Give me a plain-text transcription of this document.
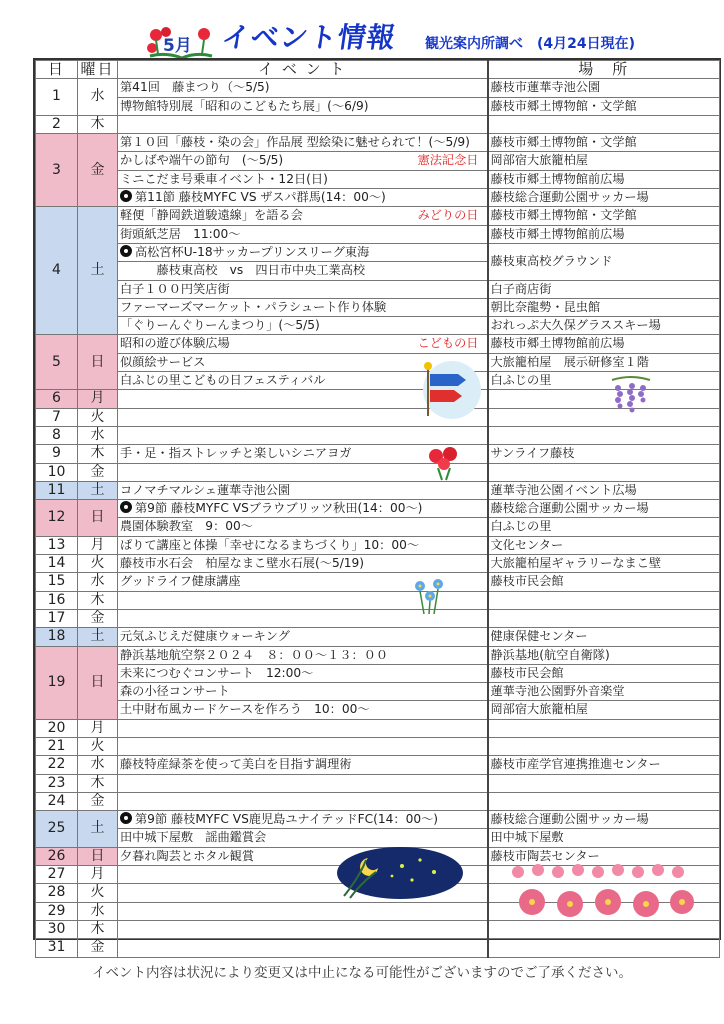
5月 イベント情報 観光案内所調べ　(4月24日現在)
日	曜日	イ ベ ン ト	場　所
1	水	第41回　藤まつり（～5/5)	藤枝市蓮華寺池公園
		博物館特別展「昭和のこどもたち展」(～6/9)	藤枝市郷土博物館・文学館
2	木		
3	金	第１０回「藤枝・染の会」作品展 型絵染に魅せられて！(～5/9)	藤枝市郷土博物館・文学館
		かしばや端午の節句　(～5/5) 憲法記念日	岡部宿大旅籠柏屋
		ミニこだま号乗車イベント・12日(日)	藤枝市郷土博物館前広場
		第11節 藤枝MYFC VS ザスパ群馬(14：00～)	藤枝総合運動公園サッカー場
4	土	軽便「静岡鉄道駿遠線」を語る会 みどりの日	藤枝市郷土博物館・文学館
		街頭紙芝居　11:00～	藤枝市郷土博物館前広場
		高松宮杯U-18サッカープリンスリーグ東海	藤枝東高校グラウンド
		　　　藤枝東高校　vs　四日市中央工業高校	
		白子１００円笑店街	白子商店街
		ファーマーズマーケット・パラシュート作り体験	朝比奈龍勢・昆虫館
		「ぐりーんぐりーんまつり」(～5/5)	おれっぷ大久保グラススキー場
5	日	昭和の遊び体験広場 こどもの日	藤枝市郷土博物館前広場
		似顔絵サービス	大旅籠柏屋　展示研修室１階
		白ふじの里こどもの日フェスティバル	白ふじの里
6	月		
7	火		
8	水		
9	木	手・足・指ストレッチと楽しいシニアヨガ	サンライフ藤枝
10	金		
11	土	コノマチマルシェ蓮華寺池公園	蓮華寺池公園イベント広場
12	日	第9節 藤枝MYFC VSブラウブリッツ秋田(14：00～)	藤枝総合運動公園サッカー場
		農園体験教室　9：00～	白ふじの里
13	月	ぱりて講座と体操「幸せになるまちづくり」10：00～	文化センター
14	火	藤枝市水石会　柏屋なまこ壁水石展(～5/19)	大旅籠柏屋ギャラリーなまこ壁
15	水	グッドライフ健康講座	藤枝市民会館
16	木		
17	金		
18	土	元気ふじえだ健康ウォーキング	健康保健センター
19	日	静浜基地航空祭２０２４　８：００～１３：００	静浜基地(航空自衛隊)
		未来につむぐコンサート　12:00～	藤枝市民会館
		森の小径コンサート	蓮華寺池公園野外音楽堂
		土中財布風カードケースを作ろう　10：00～	岡部宿大旅籠柏屋
20	月		
21	火		
22	水	藤枝特産緑茶を使って美白を目指す調理術	藤枝市産学官連携推進センター
23	木		
24	金		
25	土	第9節 藤枝MYFC VS鹿児島ユナイテッドFC(14：00～)	藤枝総合運動公園サッカー場
		田中城下屋敷　謡曲鑑賞会	田中城下屋敷
26	日	夕暮れ陶芸とホタル観賞	藤枝市陶芸センター
27	月		
28	火		
29	水		
30	木		
31	金		
イベント内容は状況により変更又は中止になる可能性がございますのでご了承ください。
